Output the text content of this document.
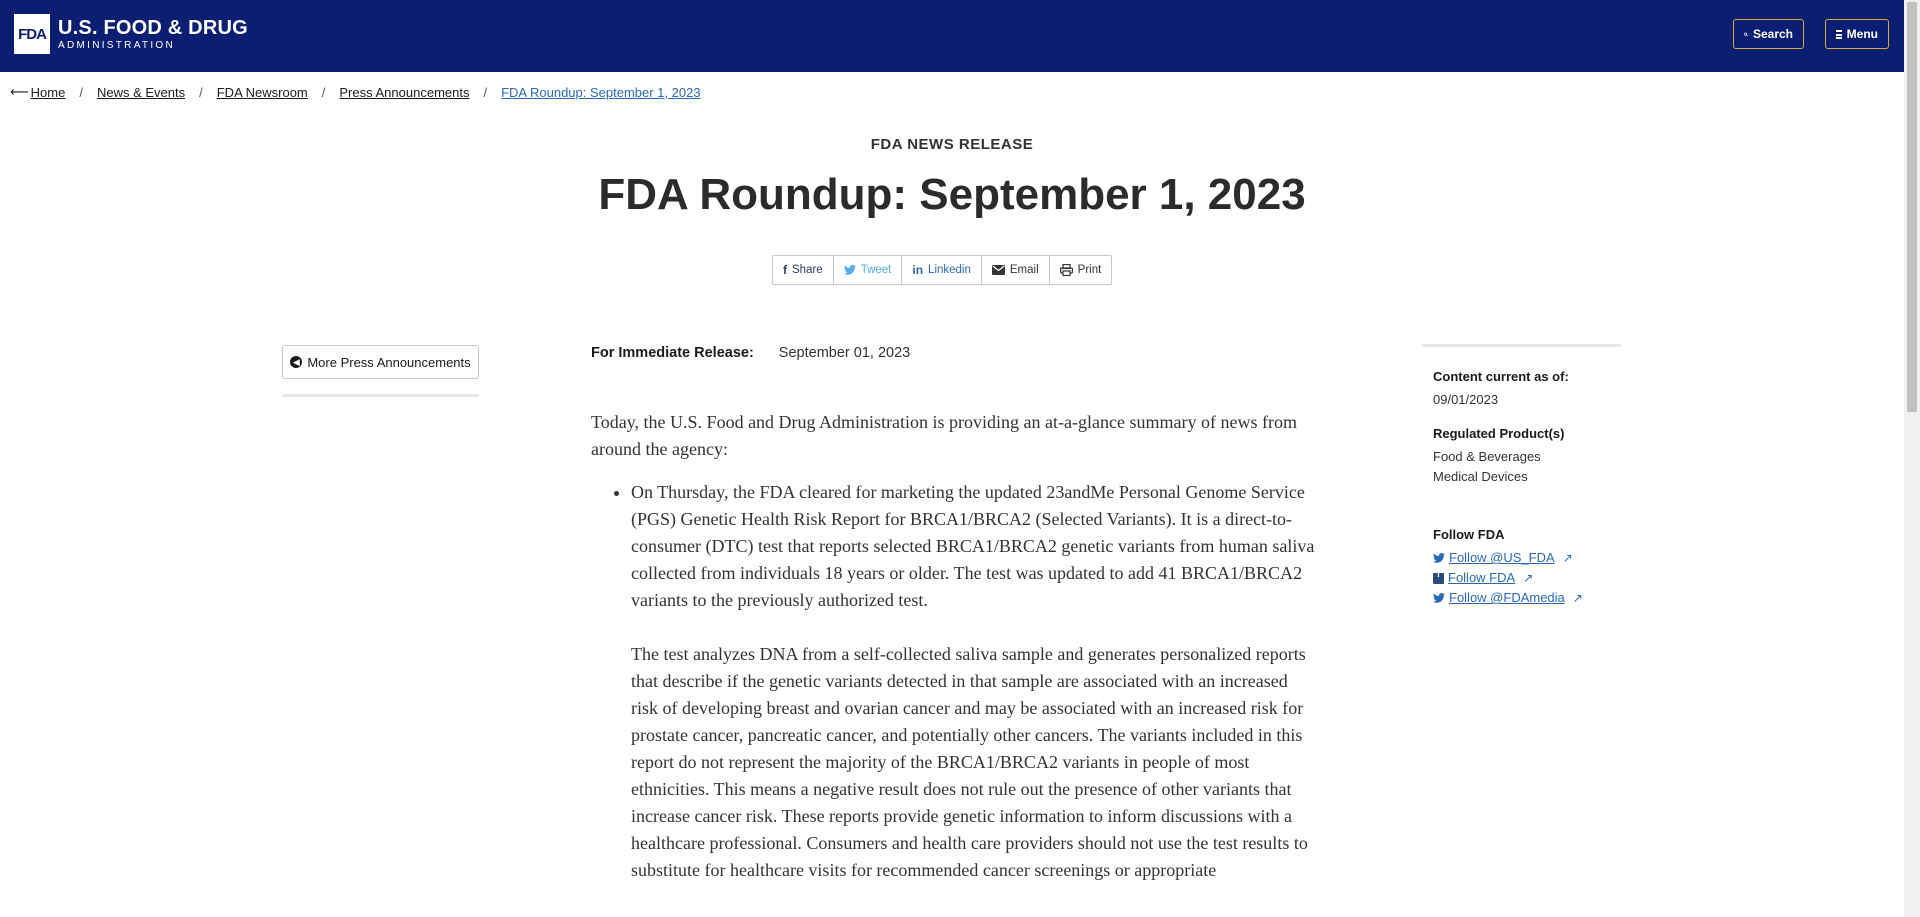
FDA U.S. FOOD & DRUG
ADMINISTRATION
Search	Menu
⟵ Home / News & Events / FDA Newsroom / Press Announcements / FDA Roundup: September 1, 2023
FDA NEWS RELEASE
FDA Roundup: September 1, 2023
f Share	Tweet in Linkedin	Email	Print
◀ More Press Announcements
For Immediate Release: September 01, 2023

Today, the U.S. Food and Drug Administration is providing an at-a-glance summary of news from around the agency:

• On Thursday, the FDA cleared for marketing the updated 23andMe Personal Genome Service (PGS) Genetic Health Risk Report for BRCA1/BRCA2 (Selected Variants). It is a direct-to-consumer (DTC) test that reports selected BRCA1/BRCA2 genetic variants from human saliva collected from individuals 18 years or older. The test was updated to add 41 BRCA1/BRCA2 variants to the previously authorized test.

The test analyzes DNA from a self-collected saliva sample and generates personalized reports that describe if the genetic variants detected in that sample are associated with an increased risk of developing breast and ovarian cancer and may be associated with an increased risk for prostate cancer, pancreatic cancer, and potentially other cancers. The variants included in this report do not represent the majority of the BRCA1/BRCA2 variants in people of most ethnicities. This means a negative result does not rule out the presence of other variants that increase cancer risk. These reports provide genetic information to inform discussions with a healthcare professional. Consumers and health care providers should not use the test results to substitute for healthcare visits for recommended cancer screenings or appropriate

Content current as of:
09/01/2023
Regulated Product(s)
Food & Beverages
Medical Devices
Follow FDA
Follow @US_FDA ↗
f Follow FDA ↗
Follow @FDAmedia ↗
